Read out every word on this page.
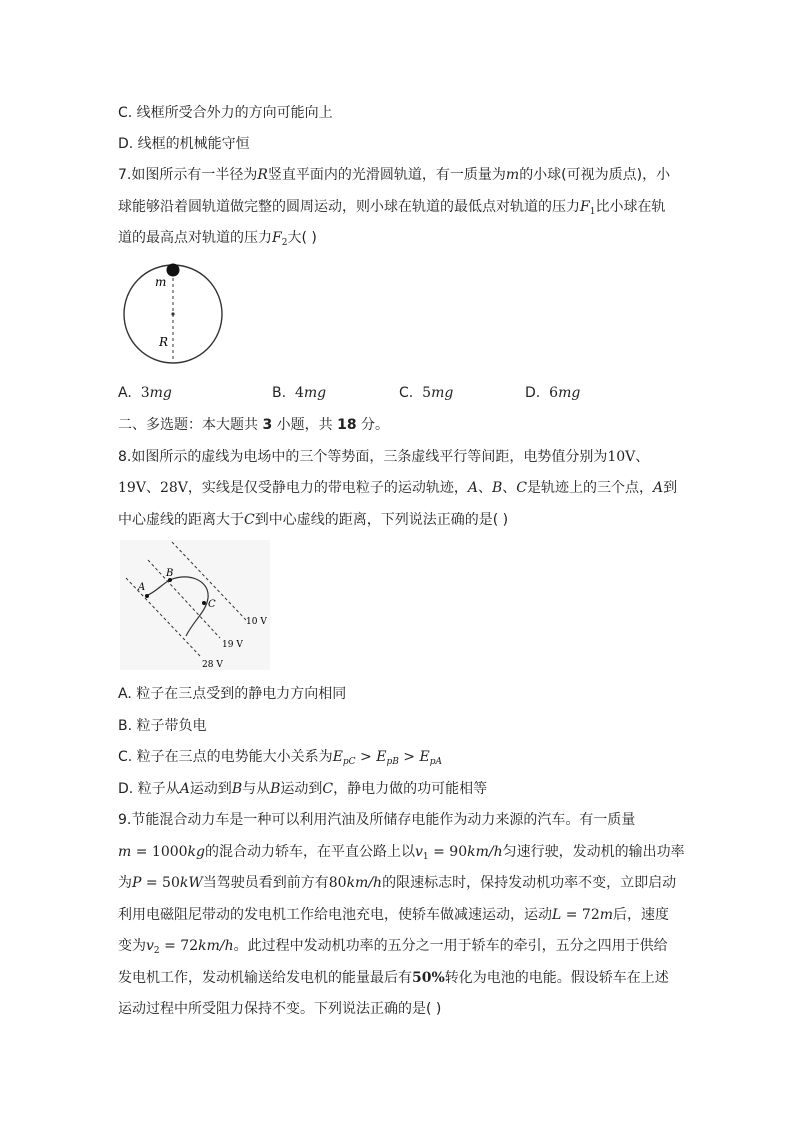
C. 线框所受合外力的方向可能向上
D. 线框的机械能守恒
7.如图所示有一半径为R竖直平面内的光滑圆轨道，有一质量为m的小球(可视为质点)，小
球能够沿着圆轨道做完整的圆周运动，则小球在轨道的最低点对轨道的压力$F_1$比小球在轨
道的最高点对轨道的压力$F_2$大( )
m
R
A. 3mg	B. 4mg	C. 5mg	D. 6mg
二、多选题：本大题共 3 小题，共 18 分。
8.如图所示的虚线为电场中的三个等势面，三条虚线平行等间距，电势值分别为10V、
19V、28V，实线是仅受静电力的带电粒子的运动轨迹，A、B、C是轨迹上的三个点，A到
中心虚线的距离大于C到中心虚线的距离，下列说法正确的是( )
A
B
C
10 V
19 V
28 V
A. 粒子在三点受到的静电力方向相同
B. 粒子带负电
C. 粒子在三点的电势能大小关系为$E_{pC} > E_{pB} > E_{pA}$
D. 粒子从A运动到B与从B运动到C，静电力做的功可能相等
9.节能混合动力车是一种可以利用汽油及所储存电能作为动力来源的汽车。有一质量
m = 1000kg的混合动力轿车，在平直公路上以$v_1 = 90km/h$匀速行驶，发动机的输出功率
为P = 50kW当驾驶员看到前方有80km/h的限速标志时，保持发动机功率不变，立即启动
利用电磁阻尼带动的发电机工作给电池充电，使轿车做减速运动，运动L = 72m后，速度
变为$v_2 = 72km/h$。此过程中发动机功率的五分之一用于轿车的牵引，五分之四用于供给
发电机工作，发动机输送给发电机的能量最后有50%转化为电池的电能。假设轿车在上述
运动过程中所受阻力保持不变。下列说法正确的是( )
